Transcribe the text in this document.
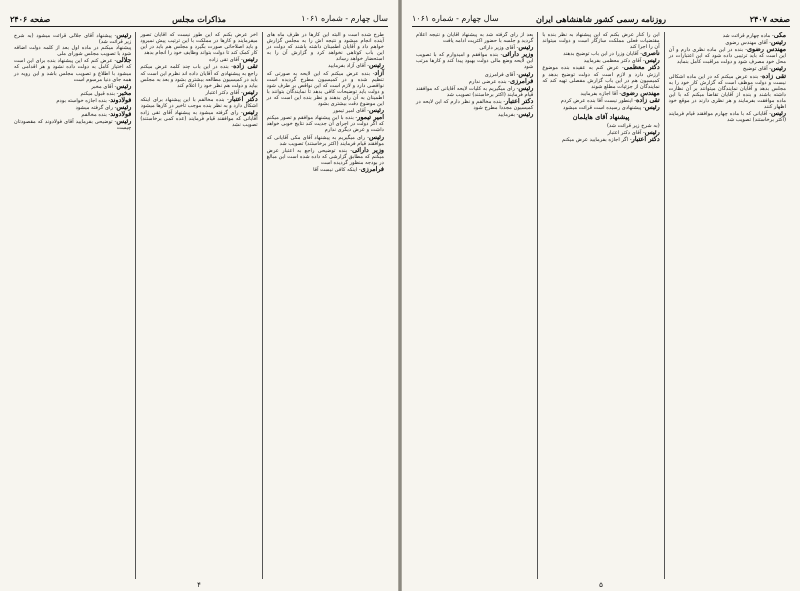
صفحه ۲۴۰۶	مذاکرات مجلس	سال چهارم - شماره ۱۰۶۱
طرح شده است و البته این کارها در ظرف ماه های آینده انجام میشود و نتیجه اش را به مجلس گزارش خواهم داد و آقایان اطمینان داشته باشند که دولت در این باب کوتاهی نخواهد کرد و گزارش آن را به استحضار خواهد رساند
رئیس- آقای آزاد بفرمایید
آزاد- بنده عرض میکنم که این لایحه به صورتی که تنظیم شده و در کمیسیون مطرح گردیده است نواقصی دارد و لازم است که این نواقص بر طرف شود و دولت باید توضیحات کافی بدهد تا نمایندگان بتوانند با اطمینان به آن رای بدهند و نظر بنده این است که در این موضوع دقت بیشتری بشود
رئیس- آقای امیر تیمور
امیر تیمور- بنده با این پیشنهاد موافقم و تصور میکنم که اگر دولت در اجرای آن جدیت کند نتایج خوبی خواهد داشت و عرض دیگری ندارم
رئیس- رای میگیریم به پیشنهاد آقای مکی آقایانی که موافقند قیام فرمایند (اکثر برخاستند) تصویب شد
وزیر دارائی- بنده توضیحی راجع به اعتبار عرض میکنم که مطابق گزارشی که داده شده است این مبالغ در بودجه منظور گردیده است
فرامرزی- اینکه کافی نیست آقا

آخر عرض بکنم که این طور نیست که آقایان تصور میفرمایند و کارها در مملکت با این ترتیب پیش نمیرود و باید اصلاحاتی صورت بگیرد و مجلس هم باید در این کار کمک کند تا دولت بتواند وظایف خود را انجام بدهد
رئیس- آقای تقی زاده
تقی زاده- بنده در این باب چند کلمه عرض میکنم راجع به پیشنهادی که آقایان داده اند نظرم این است که باید در کمیسیون مطالعه بیشتری بشود و بعد به مجلس بیاید و دولت هم نظر خود را اعلام کند
رئیس- آقای دکتر اعتبار
دکتر اعتبار- بنده مخالفم با این پیشنهاد برای اینکه اشکال دارد و به نظر بنده موجب تاخیر در کارها میشود
رئیس- رای گرفته میشود به پیشنهاد آقای تقی زاده آقایانی که موافقند قیام فرمایند (عده کمی برخاستند) تصویب نشد

رئیس- پیشنهاد آقای جلالی قرائت میشود (به شرح زیر قرائت شد)
پیشنهاد میکنم در ماده اول بعد از کلمه دولت اضافه شود با تصویب مجلس شورای ملی
جلالی- عرض کنم که این پیشنهاد بنده برای این است که اختیار کامل به دولت داده نشود و هر اقدامی که میشود با اطلاع و تصویب مجلس باشد و این رویه در همه جای دنیا مرسوم است
رئیس- آقای مخبر
مخبر- بنده قبول میکنم
فولادوند- بنده اجازه خواسته بودم
رئیس- رای گرفته میشود
فولادوند- بنده مخالفم
رئیس- توضیحی بفرمایید آقای فولادوند که مقصودتان چیست

۴
صفحه ۲۴۰۷
روزنامه رسمی کشور شاهنشاهی ایران
سال چهارم - شماره ۱۰۶۱
مکی- ماده چهارم قرائت شد
رئیس- آقای مهندس رضوی
مهندس رضوی- بنده در این ماده نظری دارم و آن این است که باید ترتیبی داده شود که این اعتبارات در محل خود مصرف شود و دولت مراقبت کامل بنماید
رئیس- آقای توضیح
تقی زاده- بنده عرض میکنم که در این ماده اشکالی نیست و دولت موظف است که گزارش کار خود را به مجلس بدهد و آقایان نمایندگان میتوانند بر آن نظارت داشته باشند و بنده از آقایان تقاضا میکنم که با این ماده موافقت بفرمایند و هر نظری دارند در موقع خود اظهار کنند
رئیس- آقایانی که با ماده چهارم موافقند قیام فرمایند (اکثر برخاستند) تصویب شد

این را کنار عرض بکنم که این پیشنهاد به نظر بنده با مقتضیات فعلی مملکت سازگار است و دولت میتواند آن را اجرا کند
ناصری- آقایان وزرا در این باب توضیح بدهند
رئیس- آقای دکتر معظمی بفرمایید
دکتر معظمی- عرض کنم به عقیده بنده موضوع ارزش دارد و لازم است که دولت توضیح بدهد و کمیسیون هم در این باب گزارش مفصلی تهیه کند که نمایندگان از جزئیات مطلع شوند
مهندس رضوی- آقا اجازه بفرمایید
تقی زاده- اینطور نیست آقا بنده عرض کردم
رئیس- پیشنهادی رسیده است قرائت میشود

پیشنهاد آقای هایلمان
(به شرح زیر قرائت شد)
رئیس- آقای دکتر اعتبار
دکتر اعتبار- اگر اجازه بفرمایید عرض میکنم

بعد از رای گرفته شد به پیشنهاد آقایان و نتیجه اعلام گردید و جلسه با حضور اکثریت ادامه یافت
رئیس- آقای وزیر دارائی
وزیر دارائی- بنده موافقم و امیدوارم که با تصویب این لایحه وضع مالی دولت بهبود پیدا کند و کارها مرتب شود
رئیس- آقای فرامرزی
فرامرزی- بنده عرضی ندارم
رئیس- رای میگیریم به کلیات لایحه آقایانی که موافقند قیام فرمایند (اکثر برخاستند) تصویب شد
دکتر اعتبار- بنده مخالفم و نظر دارم که این لایحه در کمیسیون مجددا مطرح شود
رئیس- بفرمایید

۵
